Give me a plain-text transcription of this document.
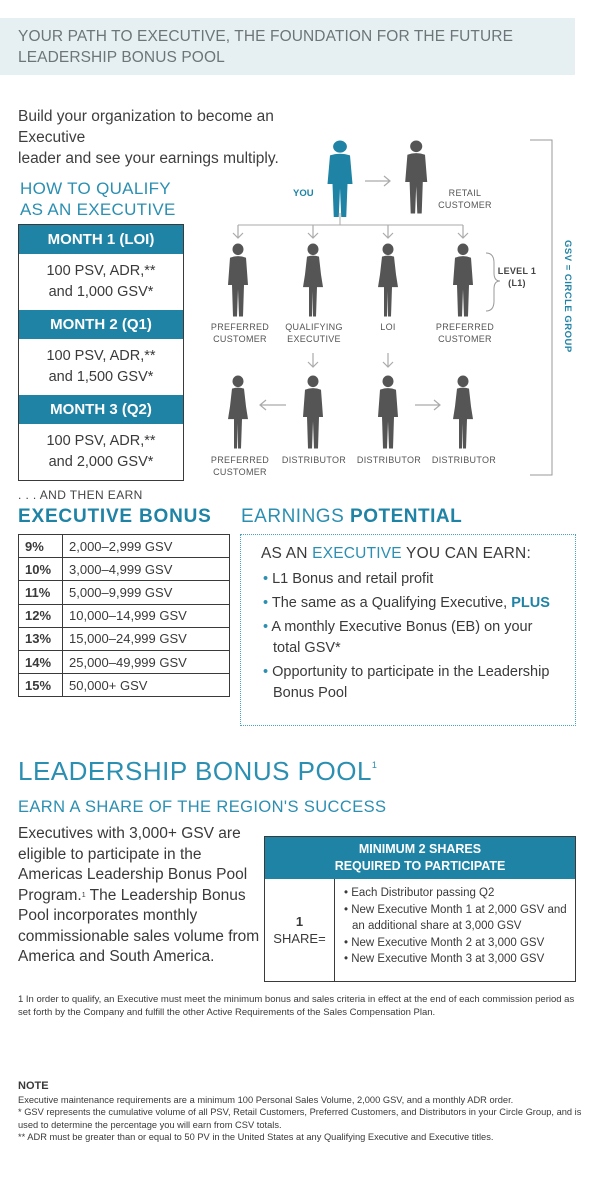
YOUR PATH TO EXECUTIVE, THE FOUNDATION FOR THE FUTURE

LEADERSHIP BONUS POOL

Build your organization to become an Executive
leader and see your earnings multiply.
HOW TO QUALIFY
AS AN EXECUTIVE
MONTH 1 (LOI)
100 PSV, ADR,**
and 1,000 GSV*
MONTH 2 (Q1)
100 PSV, ADR,**
and 1,500 GSV*
MONTH 3 (Q2)
100 PSV, ADR,**
and 2,000 GSV*
YOU	RETAIL
CUSTOMER
LEVEL 1
(L1)	GSV = CIRCLE GROUP
PREFERRED
CUSTOMER
QUALIFYING
EXECUTIVE
LOI	PREFERRED
CUSTOMER
PREFERRED
CUSTOMER
DISTRIBUTOR	DISTRIBUTOR	DISTRIBUTOR
. . . AND THEN EARN
EXECUTIVE BONUS
9%	2,000–2,999 GSV
10%	3,000–4,999 GSV
11%	5,000–9,999 GSV
12%	10,000–14,999 GSV
13%	15,000–24,999 GSV
14%	25,000–49,999 GSV
15%	50,000+ GSV
EARNINGS POTENTIAL
AS AN EXECUTIVE YOU CAN EARN:
• L1 Bonus and retail profit
• The same as a Qualifying Executive, PLUS
• A monthly Executive Bonus (EB) on your total GSV*
• Opportunity to participate in the Leadership Bonus Pool
LEADERSHIP BONUS POOL$^1$
EARN A SHARE OF THE REGION'S SUCCESS
Executives with 3,000+ GSV are eligible to participate in the Americas Leadership Bonus Pool Program.$^1$ The Leadership Bonus Pool incorporates monthly commissionable sales volume from America and South America.
MINIMUM 2 SHARES
REQUIRED TO PARTICIPATE
1
SHARE=
• Each Distributor passing Q2
• New Executive Month 1 at 2,000 GSV and an additional share at 3,000 GSV
• New Executive Month 2 at 3,000 GSV
• New Executive Month 3 at 3,000 GSV
1 In order to qualify, an Executive must meet the minimum bonus and sales criteria in effect at the end of each commission period as set forth by the Company and fulfill the other Active Requirements of the Sales Compensation Plan.
NOTE
Executive maintenance requirements are a minimum 100 Personal Sales Volume, 2,000 GSV, and a monthly ADR order.
* GSV represents the cumulative volume of all PSV, Retail Customers, Preferred Customers, and Distributors in your Circle Group, and is used to determine the percentage you will earn from CSV totals.
** ADR must be greater than or equal to 50 PV in the United States at any Qualifying Executive and Executive titles.
